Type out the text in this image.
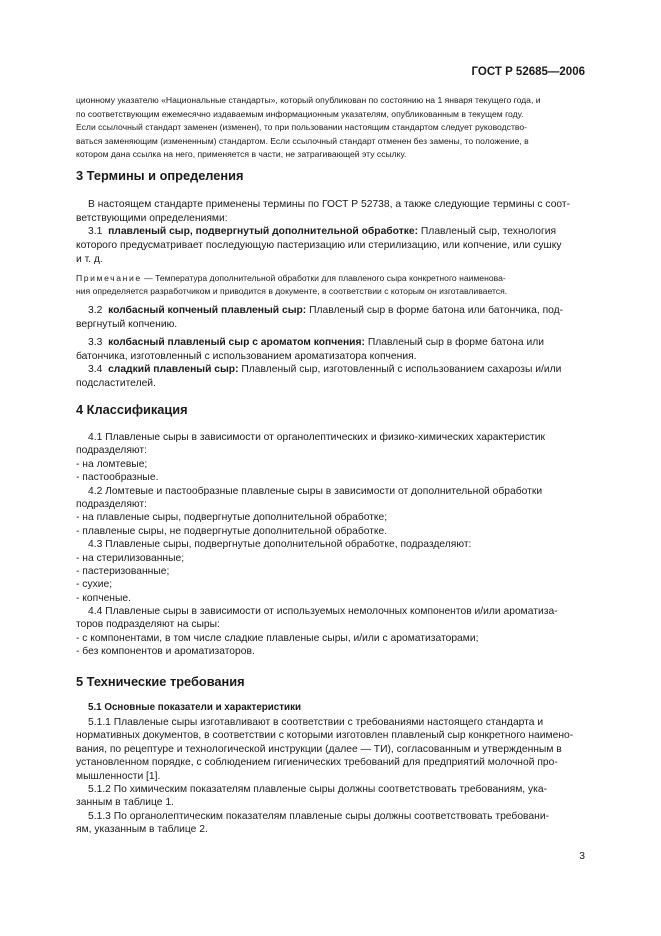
ГОСТ Р 52685—2006
ционному указателю «Национальные стандарты», который опубликован по состоянию на 1 января текущего года, и
по соответствующим ежемесячно издаваемым информационным указателям, опубликованным в текущем году.
Если ссылочный стандарт заменен (изменен), то при пользовании настоящим стандартом следует руководство-
ваться заменяющим (измененным) стандартом. Если ссылочный стандарт отменен без замены, то положение, в
котором дана ссылка на него, применяется в части, не затрагивающей эту ссылку.
3 Термины и определения
В настоящем стандарте применены термины по ГОСТ Р 52738, а также следующие термины с соот-
ветствующими определениями:
3.1 плавленый сыр, подвергнутый дополнительной обработке: Плавленый сыр, технология
которого предусматривает последующую пастеризацию или стерилизацию, или копчение, или сушку
и т. д.
Примечание — Температура дополнительной обработки для плавленого сыра конкретного наименова-
ния определяется разработчиком и приводится в документе, в соответствии с которым он изготавливается.
3.2 колбасный копченый плавленый сыр: Плавленый сыр в форме батона или батончика, под-
вергнутый копчению.
3.3 колбасный плавленый сыр с ароматом копчения: Плавленый сыр в форме батона или
батончика, изготовленный с использованием ароматизатора копчения.
3.4 сладкий плавленый сыр: Плавленый сыр, изготовленный с использованием сахарозы и/или
подсластителей.
4 Классификация
4.1 Плавленые сыры в зависимости от органолептических и физико-химических характеристик
подразделяют:
- на ломтевые;
- пастообразные.
4.2 Ломтевые и пастообразные плавленые сыры в зависимости от дополнительной обработки
подразделяют:
- на плавленые сыры, подвергнутые дополнительной обработке;
- плавленые сыры, не подвергнутые дополнительной обработке.
4.3 Плавленые сыры, подвергнутые дополнительной обработке, подразделяют:
- на стерилизованные;
- пастеризованные;
- сухие;
- копченые.
4.4 Плавленые сыры в зависимости от используемых немолочных компонентов и/или ароматиза-
торов подразделяют на сыры:
- с компонентами, в том числе сладкие плавленые сыры, и/или с ароматизаторами;
- без компонентов и ароматизаторов.
5 Технические требования
5.1 Основные показатели и характеристики
5.1.1 Плавленые сыры изготавливают в соответствии с требованиями настоящего стандарта и
нормативных документов, в соответствии с которыми изготовлен плавленый сыр конкретного наимено-
вания, по рецептуре и технологической инструкции (далее — ТИ), согласованным и утвержденным в
установленном порядке, с соблюдением гигиенических требований для предприятий молочной про-
мышленности [1].
5.1.2 По химическим показателям плавленые сыры должны соответствовать требованиям, ука-
занным в таблице 1.
5.1.3 По органолептическим показателям плавленые сыры должны соответствовать требовани-
ям, указанным в таблице 2.
3
